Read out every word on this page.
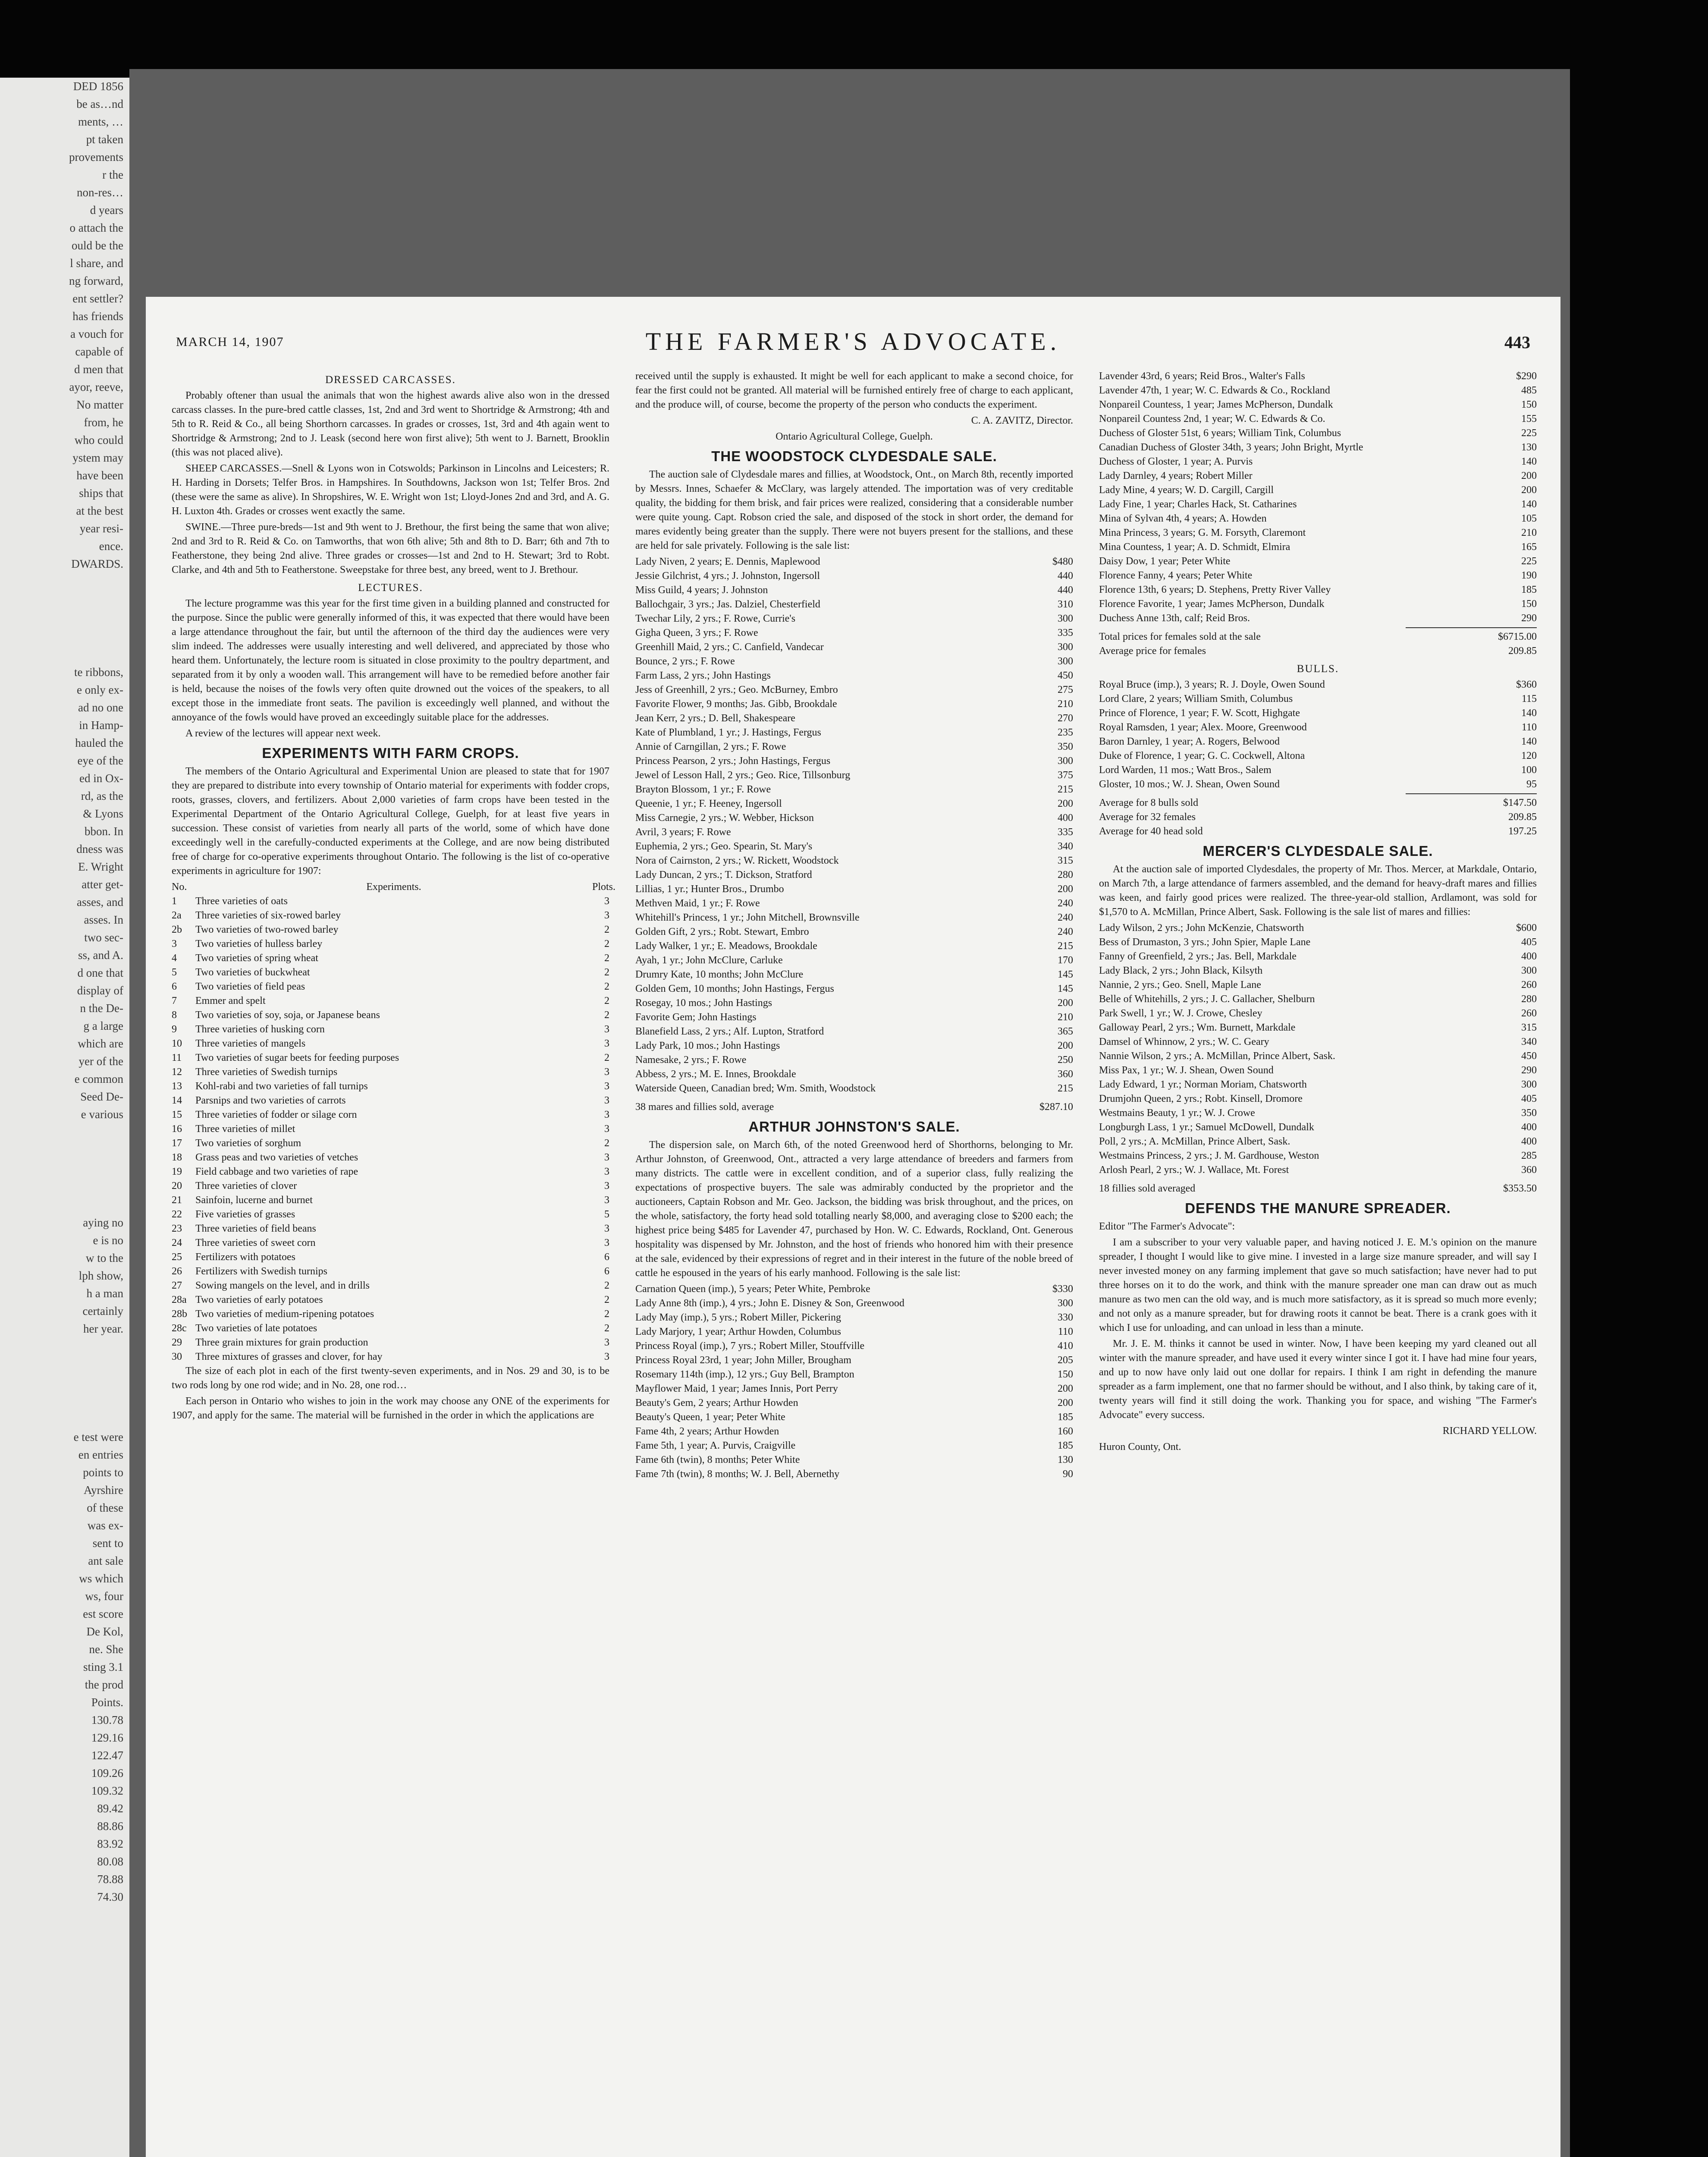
DED 1856
be as…nd
ments, …
pt taken
provements
r the
non-res…
d years
o attach the
ould be the
l share, and
ng forward,
ent settler?
has friends
a vouch for
capable of
d men that
ayor, reeve,
No matter
from, he
who could
ystem may
have been
ships that
at the best
year resi-
ence.
DWARDS.
te ribbons,
e only ex-
ad no one
in Hamp-
hauled the
eye of the
ed in Ox-
rd, as the
& Lyons
bbon. In
dness was
E. Wright
atter get-
asses, and
asses. In
two sec-
ss, and A.
d one that
display of
n the De-
g a large
which are
yer of the
e common
Seed De-
e various
aying no
e is no
w to the
lph show,
h a man
certainly
her year.
e test were
en entries
points to
Ayrshire
of these
was ex-
sent to
ant sale
ws which
ws, four
est score
De Kol,
ne. She
sting 3.1
the prod
Points.
130.78
129.16
122.47
109.26
109.32
89.42
88.86
83.92
80.08
78.88
74.30
MARCH 14, 1907	THE FARMER'S ADVOCATE.	443
DRESSED CARCASSES.

Probably oftener than usual the animals that won the highest awards alive also won in the dressed carcass classes. In the pure-bred cattle classes, 1st, 2nd and 3rd went to Shortridge & Armstrong; 4th and 5th to R. Reid & Co., all being Shorthorn carcasses. In grades or crosses, 1st, 3rd and 4th again went to Shortridge & Armstrong; 2nd to J. Leask (second here won first alive); 5th went to J. Barnett, Brooklin (this was not placed alive).

SHEEP CARCASSES.—Snell & Lyons won in Cotswolds; Parkinson in Lincolns and Leicesters; R. H. Harding in Dorsets; Telfer Bros. in Hampshires. In Southdowns, Jackson won 1st; Telfer Bros. 2nd (these were the same as alive). In Shropshires, W. E. Wright won 1st; Lloyd-Jones 2nd and 3rd, and A. G. H. Luxton 4th. Grades or crosses went exactly the same.

SWINE.—Three pure-breds—1st and 9th went to J. Brethour, the first being the same that won alive; 2nd and 3rd to R. Reid & Co. on Tamworths, that won 6th alive; 5th and 8th to D. Barr; 6th and 7th to Featherstone, they being 2nd alive. Three grades or crosses—1st and 2nd to H. Stewart; 3rd to Robt. Clarke, and 4th and 5th to Featherstone. Sweepstake for three best, any breed, went to J. Brethour.

LECTURES.

The lecture programme was this year for the first time given in a building planned and constructed for the purpose. Since the public were generally informed of this, it was expected that there would have been a large attendance throughout the fair, but until the afternoon of the third day the audiences were very slim indeed. The addresses were usually interesting and well delivered, and appreciated by those who heard them. Unfortunately, the lecture room is situated in close proximity to the poultry department, and separated from it by only a wooden wall. This arrangement will have to be remedied before another fair is held, because the noises of the fowls very often quite drowned out the voices of the speakers, to all except those in the immediate front seats. The pavilion is exceedingly well planned, and without the annoyance of the fowls would have proved an exceedingly suitable place for the addresses.

A review of the lectures will appear next week.

EXPERIMENTS WITH FARM CROPS.

The members of the Ontario Agricultural and Experimental Union are pleased to state that for 1907 they are prepared to distribute into every township of Ontario material for experiments with fodder crops, roots, grasses, clovers, and fertilizers. About 2,000 varieties of farm crops have been tested in the Experimental Department of the Ontario Agricultural College, Guelph, for at least five years in succession. These consist of varieties from nearly all parts of the world, some of which have done exceedingly well in the carefully-conducted experiments at the College, and are now being distributed free of charge for co-operative experiments throughout Ontario. The following is the list of co-operative experiments in agriculture for 1907:

No.	Experiments.	Plots.
1	Three varieties of oats	3
2a	Three varieties of six-rowed barley	3
2b	Two varieties of two-rowed barley	2
3	Two varieties of hulless barley	2
4	Two varieties of spring wheat	2
5	Two varieties of buckwheat	2
6	Two varieties of field peas	2
7	Emmer and spelt	2
8	Two varieties of soy, soja, or Japanese beans	2
9	Three varieties of husking corn	3
10	Three varieties of mangels	3
11	Two varieties of sugar beets for feeding purposes	2
12	Three varieties of Swedish turnips	3
13	Kohl-rabi and two varieties of fall turnips	3
14	Parsnips and two varieties of carrots	3
15	Three varieties of fodder or silage corn	3
16	Three varieties of millet	3
17	Two varieties of sorghum	2
18	Grass peas and two varieties of vetches	3
19	Field cabbage and two varieties of rape	3
20	Three varieties of clover	3
21	Sainfoin, lucerne and burnet	3
22	Five varieties of grasses	5
23	Three varieties of field beans	3
24	Three varieties of sweet corn	3
25	Fertilizers with potatoes	6
26	Fertilizers with Swedish turnips	6
27	Sowing mangels on the level, and in drills	2
28a Two varieties of early potatoes	2
28b Two varieties of medium-ripening potatoes	2
28c Two varieties of late potatoes	2
29	Three grain mixtures for grain production	3
30	Three mixtures of grasses and clover, for hay	3

The size of each plot in each of the first twenty-seven experiments, and in Nos. 29 and 30, is to be two rods long by one rod wide; and in No. 28, one rod…

Each person in Ontario who wishes to join in the work may choose any ONE of the experiments for 1907, and apply for the same. The material will be furnished in the order in which the applications are

received until the supply is exhausted. It might be well for each applicant to make a second choice, for fear the first could not be granted. All material will be furnished entirely free of charge to each applicant, and the produce will, of course, become the property of the person who conducts the experiment.

C. A. ZAVITZ, Director.
Ontario Agricultural College, Guelph.
THE WOODSTOCK CLYDESDALE SALE.

The auction sale of Clydesdale mares and fillies, at Woodstock, Ont., on March 8th, recently imported by Messrs. Innes, Schaefer & McClary, was largely attended. The importation was of very creditable quality, the bidding for them brisk, and fair prices were realized, considering that a considerable number were quite young. Capt. Robson cried the sale, and disposed of the stock in short order, the demand for mares evidently being greater than the supply. There were not buyers present for the stallions, and these are held for sale privately. Following is the sale list:

Lady Niven, 2 years; E. Dennis, Maplewood	$480
Jessie Gilchrist, 4 yrs.; J. Johnston, Ingersoll	440
Miss Guild, 4 years; J. Johnston	440
Ballochgair, 3 yrs.; Jas. Dalziel, Chesterfield	310
Twechar Lily, 2 yrs.; F. Rowe, Currie's	300
Gigha Queen, 3 yrs.; F. Rowe	335
Greenhill Maid, 2 yrs.; C. Canfield, Vandecar	300
Bounce, 2 yrs.; F. Rowe	300
Farm Lass, 2 yrs.; John Hastings	450
Jess of Greenhill, 2 yrs.; Geo. McBurney, Embro	275
Favorite Flower, 9 months; Jas. Gibb, Brookdale	210
Jean Kerr, 2 yrs.; D. Bell, Shakespeare	270
Kate of Plumbland, 1 yr.; J. Hastings, Fergus	235
Annie of Carngillan, 2 yrs.; F. Rowe	350
Princess Pearson, 2 yrs.; John Hastings, Fergus	300
Jewel of Lesson Hall, 2 yrs.; Geo. Rice, Tillsonburg	375
Brayton Blossom, 1 yr.; F. Rowe	215
Queenie, 1 yr.; F. Heeney, Ingersoll	200
Miss Carnegie, 2 yrs.; W. Webber, Hickson	400
Avril, 3 years; F. Rowe	335
Euphemia, 2 yrs.; Geo. Spearin, St. Mary's	340
Nora of Cairnston, 2 yrs.; W. Rickett, Woodstock	315
Lady Duncan, 2 yrs.; T. Dickson, Stratford	280
Lillias, 1 yr.; Hunter Bros., Drumbo	200
Methven Maid, 1 yr.; F. Rowe	240
Whitehill's Princess, 1 yr.; John Mitchell, Brownsville	240
Golden Gift, 2 yrs.; Robt. Stewart, Embro	240
Lady Walker, 1 yr.; E. Meadows, Brookdale	215
Ayah, 1 yr.; John McClure, Carluke	170
Drumry Kate, 10 months; John McClure	145
Golden Gem, 10 months; John Hastings, Fergus	145
Rosegay, 10 mos.; John Hastings	200
Favorite Gem; John Hastings	210
Blanefield Lass, 2 yrs.; Alf. Lupton, Stratford	365
Lady Park, 10 mos.; John Hastings	200
Namesake, 2 yrs.; F. Rowe	250
Abbess, 2 yrs.; M. E. Innes, Brookdale	360
Waterside Queen, Canadian bred; Wm. Smith, Woodstock	215
38 mares and fillies sold, average	$287.10
ARTHUR JOHNSTON'S SALE.

The dispersion sale, on March 6th, of the noted Greenwood herd of Shorthorns, belonging to Mr. Arthur Johnston, of Greenwood, Ont., attracted a very large attendance of breeders and farmers from many districts. The cattle were in excellent condition, and of a superior class, fully realizing the expectations of prospective buyers. The sale was admirably conducted by the proprietor and the auctioneers, Captain Robson and Mr. Geo. Jackson, the bidding was brisk throughout, and the prices, on the whole, satisfactory, the forty head sold totalling nearly $8,000, and averaging close to $200 each; the highest price being $485 for Lavender 47, purchased by Hon. W. C. Edwards, Rockland, Ont. Generous hospitality was dispensed by Mr. Johnston, and the host of friends who honored him with their presence at the sale, evidenced by their expressions of regret and in their interest in the future of the noble breed of cattle he espoused in the years of his early manhood. Following is the sale list:

Carnation Queen (imp.), 5 years; Peter White, Pembroke	$330
Lady Anne 8th (imp.), 4 yrs.; John E. Disney & Son, Greenwood	300
Lady May (imp.), 5 yrs.; Robert Miller, Pickering	330
Lady Marjory, 1 year; Arthur Howden, Columbus	110
Princess Royal (imp.), 7 yrs.; Robert Miller, Stouffville	410
Princess Royal 23rd, 1 year; John Miller, Brougham	205
Rosemary 114th (imp.), 12 yrs.; Guy Bell, Brampton	150
Mayflower Maid, 1 year; James Innis, Port Perry	200
Beauty's Gem, 2 years; Arthur Howden	200
Beauty's Queen, 1 year; Peter White	185
Fame 4th, 2 years; Arthur Howden	160
Fame 5th, 1 year; A. Purvis, Craigville	185
Fame 6th (twin), 8 months; Peter White	130
Fame 7th (twin), 8 months; W. J. Bell, Abernethy	90
Lavender 43rd, 6 years; Reid Bros., Walter's Falls	$290
Lavender 47th, 1 year; W. C. Edwards & Co., Rockland	485
Nonpareil Countess, 1 year; James McPherson, Dundalk	150
Nonpareil Countess 2nd, 1 year; W. C. Edwards & Co.	155
Duchess of Gloster 51st, 6 years; William Tink, Columbus	225
Canadian Duchess of Gloster 34th, 3 years; John Bright, Myrtle	130
Duchess of Gloster, 1 year; A. Purvis	140
Lady Darnley, 4 years; Robert Miller	200
Lady Mine, 4 years; W. D. Cargill, Cargill	200
Lady Fine, 1 year; Charles Hack, St. Catharines	140
Mina of Sylvan 4th, 4 years; A. Howden	105
Mina Princess, 3 years; G. M. Forsyth, Claremont	210
Mina Countess, 1 year; A. D. Schmidt, Elmira	165
Daisy Dow, 1 year; Peter White	225
Florence Fanny, 4 years; Peter White	190
Florence 13th, 6 years; D. Stephens, Pretty River Valley	185
Florence Favorite, 1 year; James McPherson, Dundalk	150
Duchess Anne 13th, calf; Reid Bros.	290
Total prices for females sold at the sale	$6715.00
Average price for females	209.85
BULLS.
Royal Bruce (imp.), 3 years; R. J. Doyle, Owen Sound	$360
Lord Clare, 2 years; William Smith, Columbus	115
Prince of Florence, 1 year; F. W. Scott, Highgate	140
Royal Ramsden, 1 year; Alex. Moore, Greenwood	110
Baron Darnley, 1 year; A. Rogers, Belwood	140
Duke of Florence, 1 year; G. C. Cockwell, Altona	120
Lord Warden, 11 mos.; Watt Bros., Salem	100
Gloster, 10 mos.; W. J. Shean, Owen Sound	95
Average for 8 bulls sold	$147.50
Average for 32 females	209.85
Average for 40 head sold	197.25
MERCER'S CLYDESDALE SALE.

At the auction sale of imported Clydesdales, the property of Mr. Thos. Mercer, at Markdale, Ontario, on March 7th, a large attendance of farmers assembled, and the demand for heavy-draft mares and fillies was keen, and fairly good prices were realized. The three-year-old stallion, Ardlamont, was sold for $1,570 to A. McMillan, Prince Albert, Sask. Following is the sale list of mares and fillies:

Lady Wilson, 2 yrs.; John McKenzie, Chatsworth	$600
Bess of Drumaston, 3 yrs.; John Spier, Maple Lane	405
Fanny of Greenfield, 2 yrs.; Jas. Bell, Markdale	400
Lady Black, 2 yrs.; John Black, Kilsyth	300
Nannie, 2 yrs.; Geo. Snell, Maple Lane	260
Belle of Whitehills, 2 yrs.; J. C. Gallacher, Shelburn	280
Park Swell, 1 yr.; W. J. Crowe, Chesley	260
Galloway Pearl, 2 yrs.; Wm. Burnett, Markdale	315
Damsel of Whinnow, 2 yrs.; W. C. Geary	340
Nannie Wilson, 2 yrs.; A. McMillan, Prince Albert, Sask.	450
Miss Pax, 1 yr.; W. J. Shean, Owen Sound	290
Lady Edward, 1 yr.; Norman Moriam, Chatsworth	300
Drumjohn Queen, 2 yrs.; Robt. Kinsell, Dromore	405
Westmains Beauty, 1 yr.; W. J. Crowe	350
Longburgh Lass, 1 yr.; Samuel McDowell, Dundalk	400
Poll, 2 yrs.; A. McMillan, Prince Albert, Sask.	400
Westmains Princess, 2 yrs.; J. M. Gardhouse, Weston	285
Arlosh Pearl, 2 yrs.; W. J. Wallace, Mt. Forest	360
18 fillies sold averaged	$353.50
DEFENDS THE MANURE SPREADER.

Editor "The Farmer's Advocate":

I am a subscriber to your very valuable paper, and having noticed J. E. M.'s opinion on the manure spreader, I thought I would like to give mine. I invested in a large size manure spreader, and will say I never invested money on any farming implement that gave so much satisfaction; have never had to put three horses on it to do the work, and think with the manure spreader one man can draw out as much manure as two men can the old way, and is much more satisfactory, as it is spread so much more evenly; and not only as a manure spreader, but for drawing roots it cannot be beat. There is a crank goes with it which I use for unloading, and can unload in less than a minute.

Mr. J. E. M. thinks it cannot be used in winter. Now, I have been keeping my yard cleaned out all winter with the manure spreader, and have used it every winter since I got it. I have had mine four years, and up to now have only laid out one dollar for repairs. I think I am right in defending the manure spreader as a farm implement, one that no farmer should be without, and I also think, by taking care of it, twenty years will find it still doing the work. Thanking you for space, and wishing "The Farmer's Advocate" every success.

RICHARD YELLOW.

Huron County, Ont.
